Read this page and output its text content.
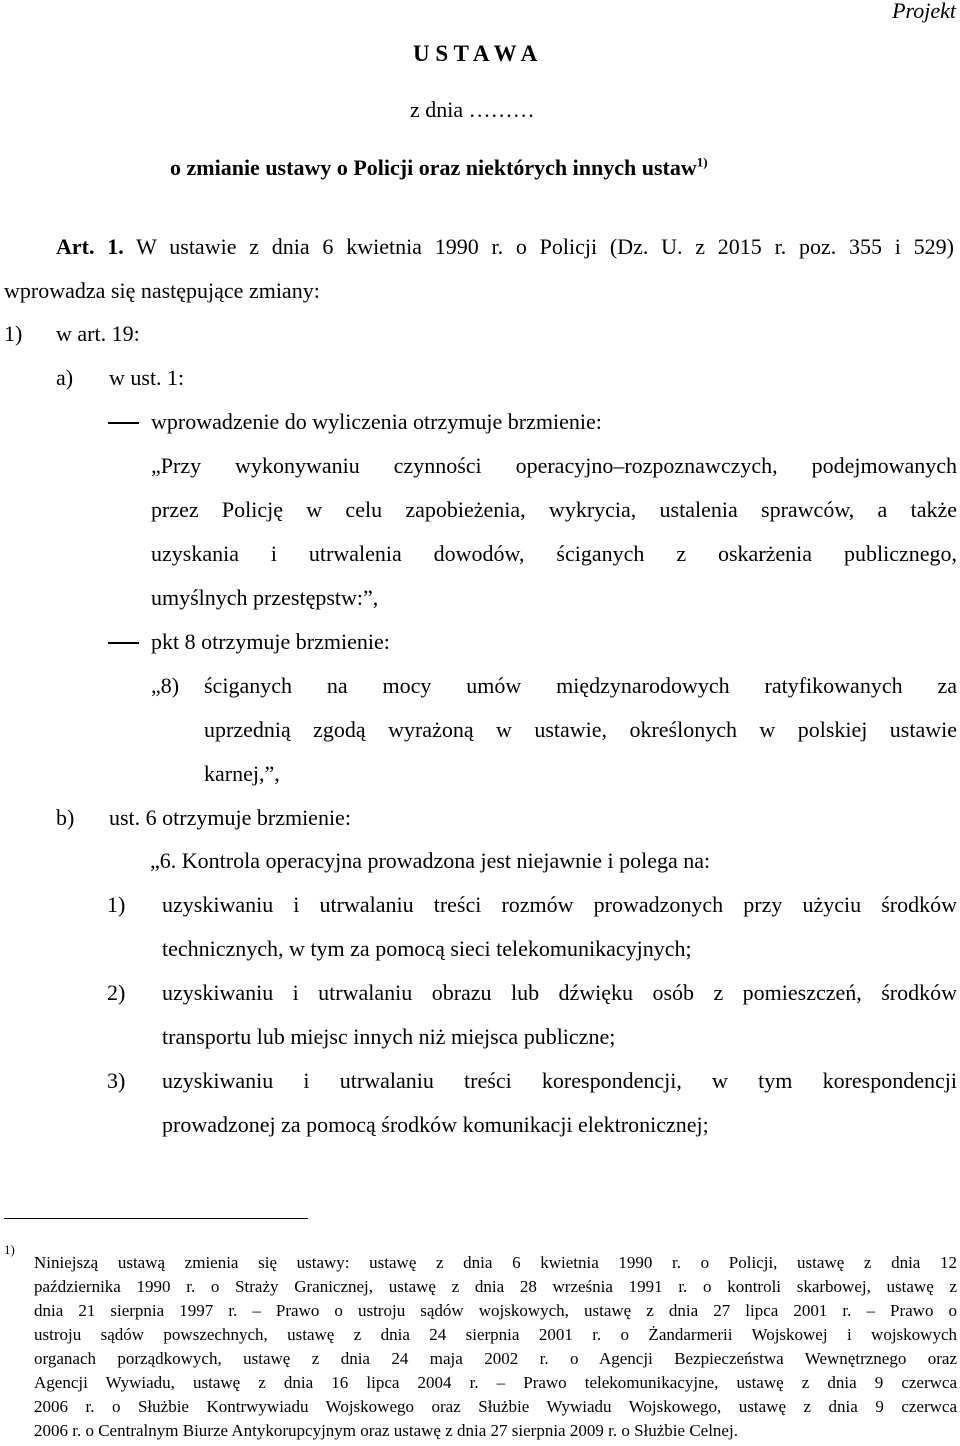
Projekt
U S T A W A
z dnia ………
o zmianie ustawy o Policji oraz niektórych innych ustaw$^{1)}$
Art. 1. W ustawie z dnia 6 kwietnia 1990 r. o Policji (Dz. U. z 2015 r. poz. 355 i 529)
wprowadza się następujące zmiany:
1) w art. 19:
a) w ust. 1:
wprowadzenie do wyliczenia otrzymuje brzmienie:
„Przy wykonywaniu czynności operacyjno–rozpoznawczych, podejmowanych
przez Policję w celu zapobieżenia, wykrycia, ustalenia sprawców, a także
uzyskania i utrwalenia dowodów, ściganych z oskarżenia publicznego,
umyślnych przestępstw:”,
pkt 8 otrzymuje brzmienie:
„8) ściganych na mocy umów międzynarodowych ratyfikowanych za
uprzednią zgodą wyrażoną w ustawie, określonych w polskiej ustawie
karnej,”,
b) ust. 6 otrzymuje brzmienie:
„6. Kontrola operacyjna prowadzona jest niejawnie i polega na:
1) uzyskiwaniu i utrwalaniu treści rozmów prowadzonych przy użyciu środków
technicznych, w tym za pomocą sieci telekomunikacyjnych;
2) uzyskiwaniu i utrwalaniu obrazu lub dźwięku osób z pomieszczeń, środków
transportu lub miejsc innych niż miejsca publiczne;
3) uzyskiwaniu i utrwalaniu treści korespondencji, w tym korespondencji
prowadzonej za pomocą środków komunikacji elektronicznej;
1)
Niniejszą ustawą zmienia się ustawy: ustawę z dnia 6 kwietnia 1990 r. o Policji, ustawę z dnia 12
października 1990 r. o Straży Granicznej, ustawę z dnia 28 września 1991 r. o kontroli skarbowej, ustawę z
dnia 21 sierpnia 1997 r. – Prawo o ustroju sądów wojskowych, ustawę z dnia 27 lipca 2001 r. – Prawo o
ustroju sądów powszechnych, ustawę z dnia 24 sierpnia 2001 r. o Żandarmerii Wojskowej i wojskowych
organach porządkowych, ustawę z dnia 24 maja 2002 r. o Agencji Bezpieczeństwa Wewnętrznego oraz
Agencji Wywiadu, ustawę z dnia 16 lipca 2004 r. – Prawo telekomunikacyjne, ustawę z dnia 9 czerwca
2006 r. o Służbie Kontrwywiadu Wojskowego oraz Służbie Wywiadu Wojskowego, ustawę z dnia 9 czerwca
2006 r. o Centralnym Biurze Antykorupcyjnym oraz ustawę z dnia 27 sierpnia 2009 r. o Służbie Celnej.
